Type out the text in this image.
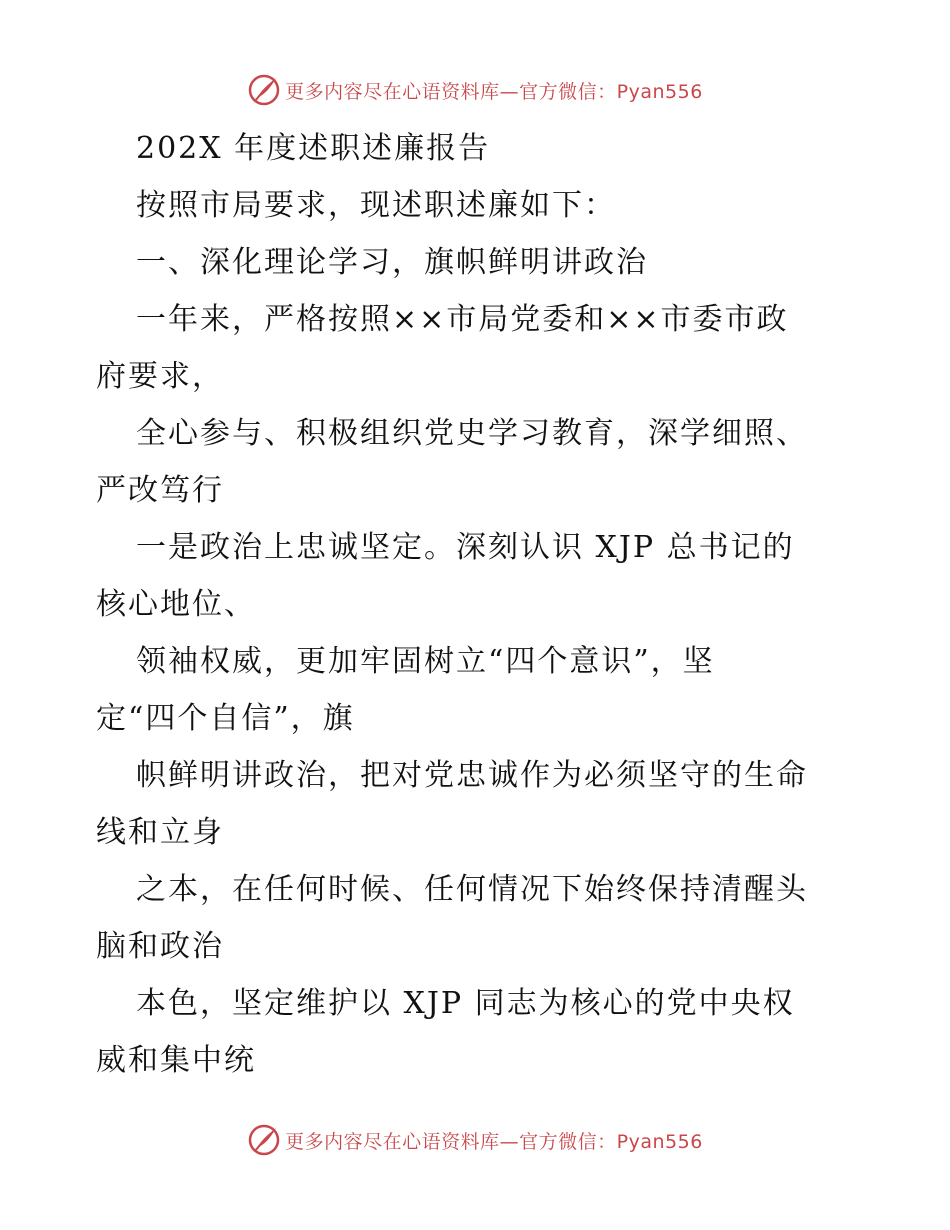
更多内容尽在心语资料库—官方微信：Pyan556
202X 年度述职述廉报告
按照市局要求，现述职述廉如下：
一、深化理论学习，旗帜鲜明讲政治
一年来，严格按照××市局党委和××市委市政
府要求，
全心参与、积极组织党史学习教育，深学细照、
严改笃行
一是政治上忠诚坚定。深刻认识 XJP 总书记的
核心地位、
领袖权威，更加牢固树立“四个意识”，坚
定“四个自信”，旗
帜鲜明讲政治，把对党忠诚作为必须坚守的生命
线和立身
之本，在任何时候、任何情况下始终保持清醒头
脑和政治
本色，坚定维护以 XJP 同志为核心的党中央权
威和集中统
更多内容尽在心语资料库—官方微信：Pyan556
